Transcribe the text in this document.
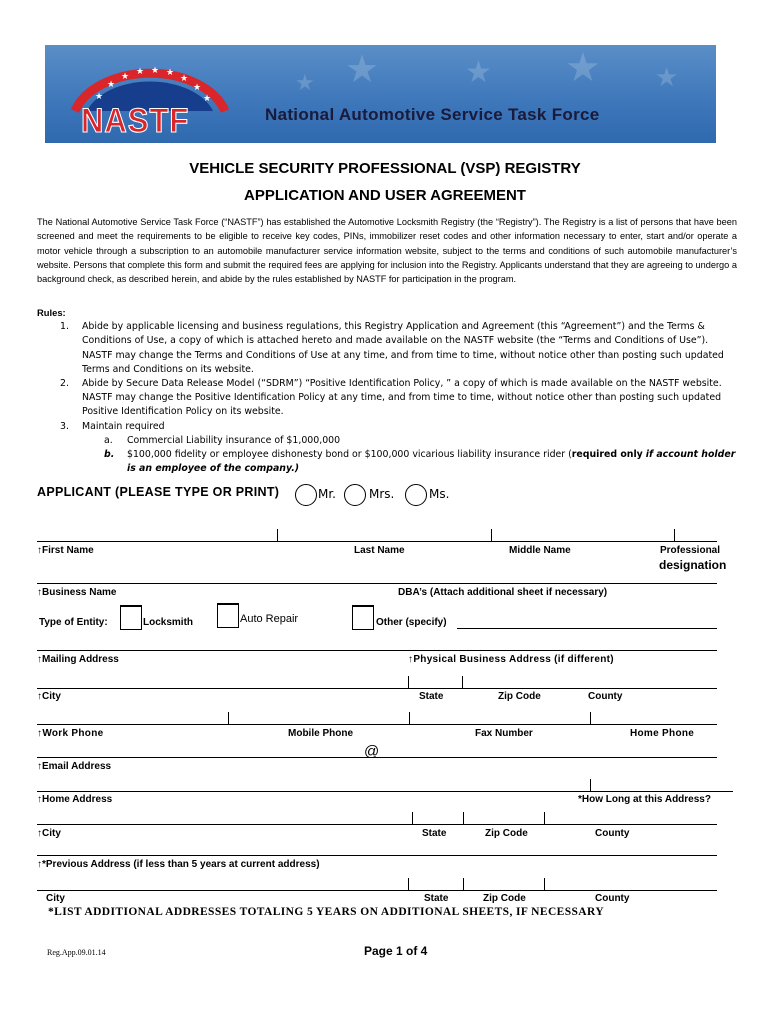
★
★
★ ★ ★ ★
★
★
★
★	★ ★ ★
★
NASTF	National Automotive Service Task Force
VEHICLE SECURITY PROFESSIONAL (VSP) REGISTRY
APPLICATION AND USER AGREEMENT
The National Automotive Service Task Force (“NASTF”) has established the Automotive Locksmith Registry (the “Registry”). The Registry is a list of persons that have been screened and meet the requirements to be eligible to receive key codes, PINs, immobilizer reset codes and other information necessary to enter, start and/or operate a motor vehicle through a subscription to an automobile manufacturer service information website, subject to the terms and conditions of such automobile manufacturer’s website. Persons that complete this form and submit the required fees are applying for inclusion into the Registry. Applicants understand that they are agreeing to undergo a background check, as described herein, and abide by the rules established by NASTF for participation in the program.
Rules:
1. Abide by applicable licensing and business regulations, this Registry Application and Agreement (this “Agreement”) and the Terms & Conditions of Use, a copy of which is attached hereto and made available on the NASTF website (the “Terms and Conditions of Use”). NASTF may change the Terms and Conditions of Use at any time, and from time to time, without notice other than posting such updated Terms and Conditions on its website.
2. Abide by Secure Data Release Model (“SDRM”) “Positive Identification Policy, ” a copy of which is made available on the NASTF website. NASTF may change the Positive Identification Policy at any time, and from time to time, without notice other than posting such updated Positive Identification Policy on its website.
3. Maintain required
a. Commercial Liability insurance of $1,000,000
b. $100,000 fidelity or employee dishonesty bond or $100,000 vicarious liability insurance rider (required only if account holder is an employee of the company.)
APPLICANT (PLEASE TYPE OR PRINT)	Mr.	Mrs.	Ms.
↑First Name	Last Name	Middle Name	Professional
designation
↑Business Name	DBA’s (Attach additional sheet if necessary)
Type of Entity:	Locksmith	Auto Repair	Other (specify)
↑Mailing Address	↑Physical Business Address (if different)
↑City	State	Zip Code	County
↑Work Phone	Mobile Phone	Fax Number	Home Phone
@
↑Email Address
↑Home Address	*How Long at this Address?
↑City	State	Zip Code	County
↑*Previous Address (if less than 5 years at current address)
City	State	Zip Code	County
*LIST ADDITIONAL ADDRESSES TOTALING 5 YEARS ON ADDITIONAL SHEETS, IF NECESSARY
Reg.App.09.01.14	Page 1 of 4
